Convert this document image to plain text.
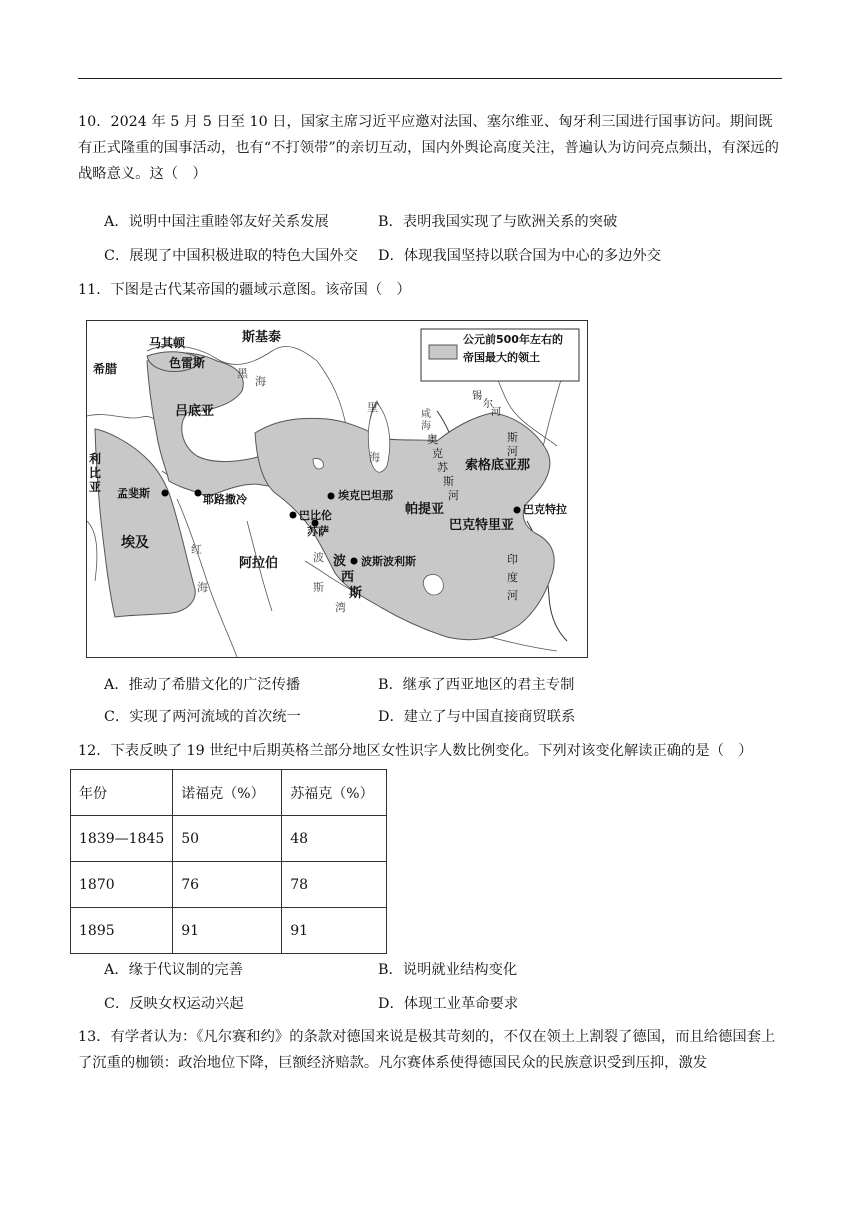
10．2024 年 5 月 5 日至 10 日，国家主席习近平应邀对法国、塞尔维亚、匈牙利三国进行国事访问。期间既有正式隆重的国事活动，也有“不打领带”的亲切互动，国内外舆论高度关注，普遍认为访问亮点频出，有深远的战略意义。这（　）
A．说明中国注重睦邻友好关系发展	B．表明我国实现了与欧洲关系的突破
C．展现了中国积极进取的特色大国外交 D．体现我国坚持以联合国为中心的多边外交
11．下图是古代某帝国的疆域示意图。该帝国（　）
公元前500年左右的
帝国最大的领土
斯基泰
马其顿
希腊	色雷斯
黑
海
吕底亚	里
海
咸
海
锡
尔
河
斯
河
奥
克
苏
斯
河
索格底亚那
利
比
亚 孟斐斯	耶路撒冷	埃克巴坦那
巴比伦
苏萨
帕提亚	巴克特拉
巴克特里亚
埃及
阿拉伯	波
西
斯
波斯波利斯
红
海
波
斯
湾
印
度
河
A．推动了希腊文化的广泛传播	B．继承了西亚地区的君主专制
C．实现了两河流域的首次统一	D．建立了与中国直接商贸联系
12．下表反映了 19 世纪中后期英格兰部分地区女性识字人数比例变化。下列对该变化解读正确的是（　）
年份	诺福克（%）	苏福克（%）
1839—1845	50	48
1870	76	78
1895	91	91
A．缘于代议制的完善	B．说明就业结构变化
C．反映女权运动兴起	D．体现工业革命要求
13．有学者认为：《凡尔赛和约》的条款对德国来说是极其苛刻的，不仅在领土上割裂了德国，而且给德国套上了沉重的枷锁：政治地位下降，巨额经济赔款。凡尔赛体系使得德国民众的民族意识受到压抑，激发
